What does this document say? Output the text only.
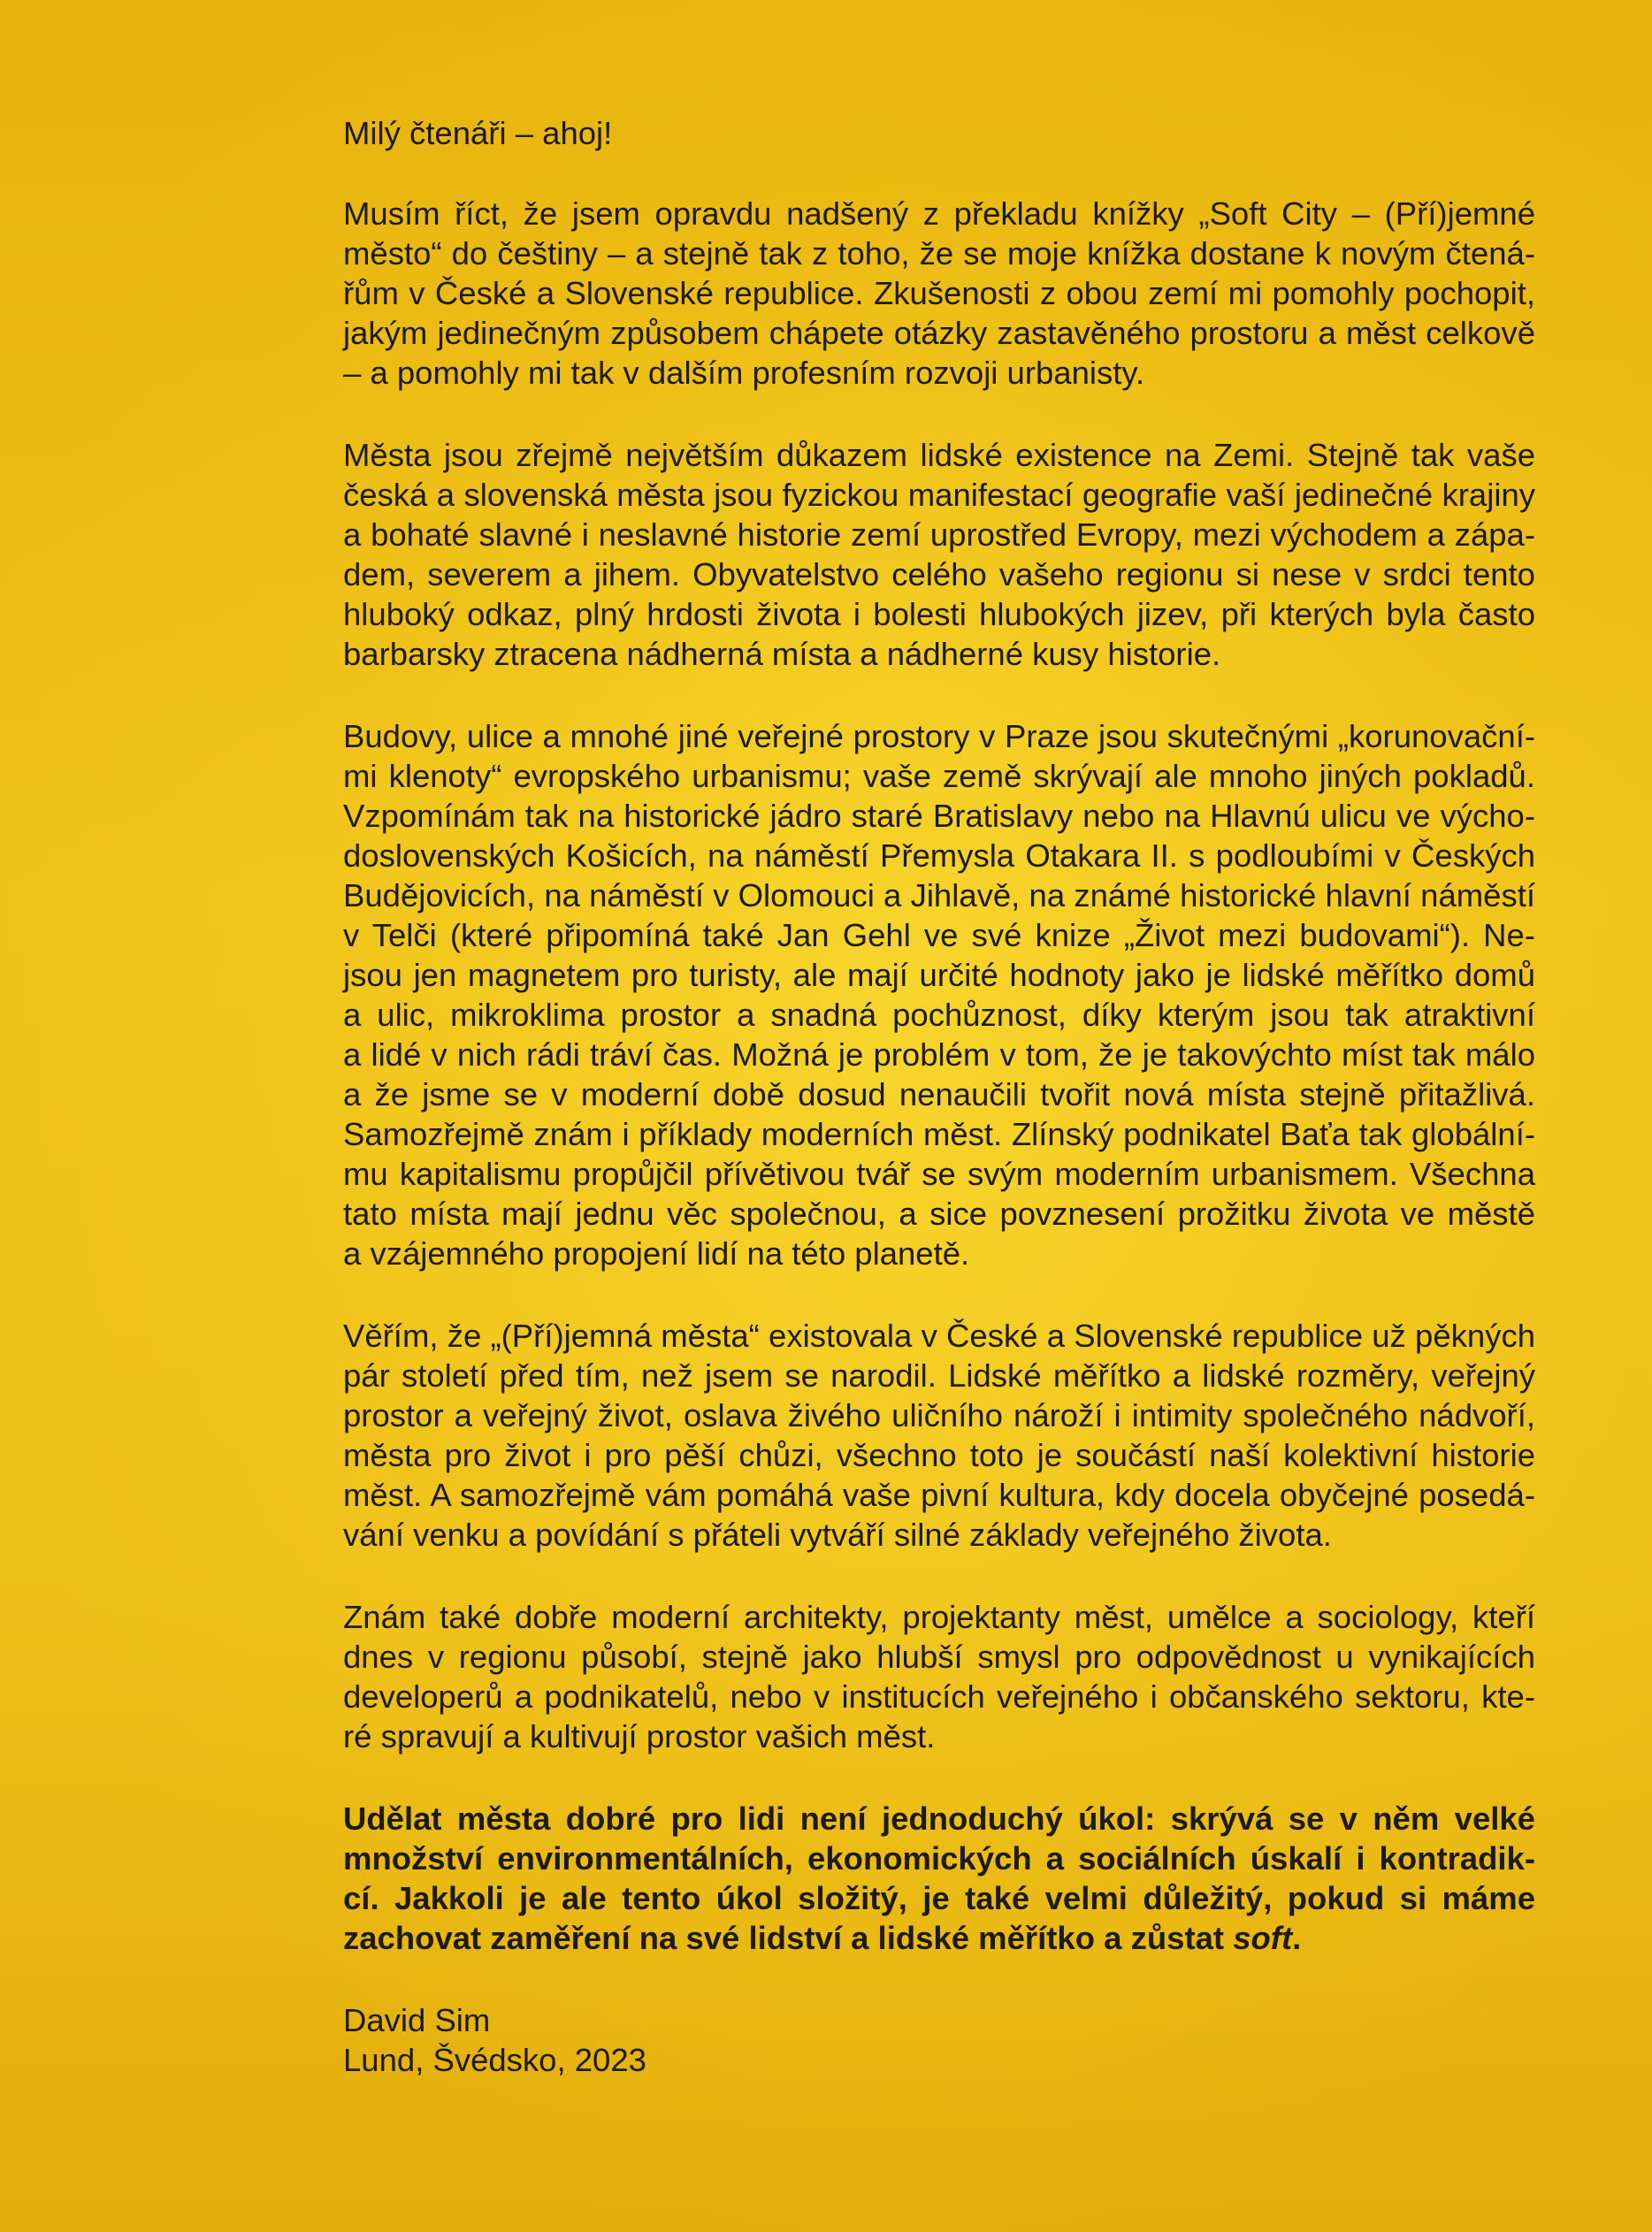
Milý čtenáři – ahoj!
Musím říct, že jsem opravdu nadšený z překladu knížky „Soft City – (Pří)jemné
město“ do češtiny – a stejně tak z toho, že se moje knížka dostane k novým čtená-
řům v České a Slovenské republice. Zkušenosti z obou zemí mi pomohly pochopit,
jakým jedinečným způsobem chápete otázky zastavěného prostoru a měst celkově
– a pomohly mi tak v dalším profesním rozvoji urbanisty.
Města jsou zřejmě největším důkazem lidské existence na Zemi. Stejně tak vaše
česká a slovenská města jsou fyzickou manifestací geografie vaší jedinečné krajiny
a bohaté slavné i neslavné historie zemí uprostřed Evropy, mezi východem a zápa-
dem, severem a jihem. Obyvatelstvo celého vašeho regionu si nese v srdci tento
hluboký odkaz, plný hrdosti života i bolesti hlubokých jizev, při kterých byla často
barbarsky ztracena nádherná místa a nádherné kusy historie.
Budovy, ulice a mnohé jiné veřejné prostory v Praze jsou skutečnými „korunovační-
mi klenoty“ evropského urbanismu; vaše země skrývají ale mnoho jiných pokladů.
Vzpomínám tak na historické jádro staré Bratislavy nebo na Hlavnú ulicu ve výcho-
doslovenských Košicích, na náměstí Přemysla Otakara II. s podloubími v Českých
Budějovicích, na náměstí v Olomouci a Jihlavě, na známé historické hlavní náměstí
v Telči (které připomíná také Jan Gehl ve své knize „Život mezi budovami“). Ne-
jsou jen magnetem pro turisty, ale mají určité hodnoty jako je lidské měřítko domů
a ulic, mikroklima prostor a snadná pochůznost, díky kterým jsou tak atraktivní
a lidé v nich rádi tráví čas. Možná je problém v tom, že je takovýchto míst tak málo
a že jsme se v moderní době dosud nenaučili tvořit nová místa stejně přitažlivá.
Samozřejmě znám i příklady moderních měst. Zlínský podnikatel Baťa tak globální-
mu kapitalismu propůjčil přívětivou tvář se svým moderním urbanismem. Všechna
tato místa mají jednu věc společnou, a sice povznesení prožitku života ve městě
a vzájemného propojení lidí na této planetě.
Věřím, že „(Pří)jemná města“ existovala v České a Slovenské republice už pěkných
pár století před tím, než jsem se narodil. Lidské měřítko a lidské rozměry, veřejný
prostor a veřejný život, oslava živého uličního nároží i intimity společného nádvoří,
města pro život i pro pěší chůzi, všechno toto je součástí naší kolektivní historie
měst. A samozřejmě vám pomáhá vaše pivní kultura, kdy docela obyčejné posedá-
vání venku a povídání s přáteli vytváří silné základy veřejného života.
Znám také dobře moderní architekty, projektanty měst, umělce a sociology, kteří
dnes v regionu působí, stejně jako hlubší smysl pro odpovědnost u vynikajících
developerů a podnikatelů, nebo v institucích veřejného i občanského sektoru, kte-
ré spravují a kultivují prostor vašich měst.
Udělat města dobré pro lidi není jednoduchý úkol: skrývá se v něm velké
množství environmentálních, ekonomických a sociálních úskalí i kontradik-
cí. Jakkoli je ale tento úkol složitý, je také velmi důležitý, pokud si máme
zachovat zaměření na své lidství a lidské měřítko a zůstat soft.
David Sim
Lund, Švédsko, 2023
